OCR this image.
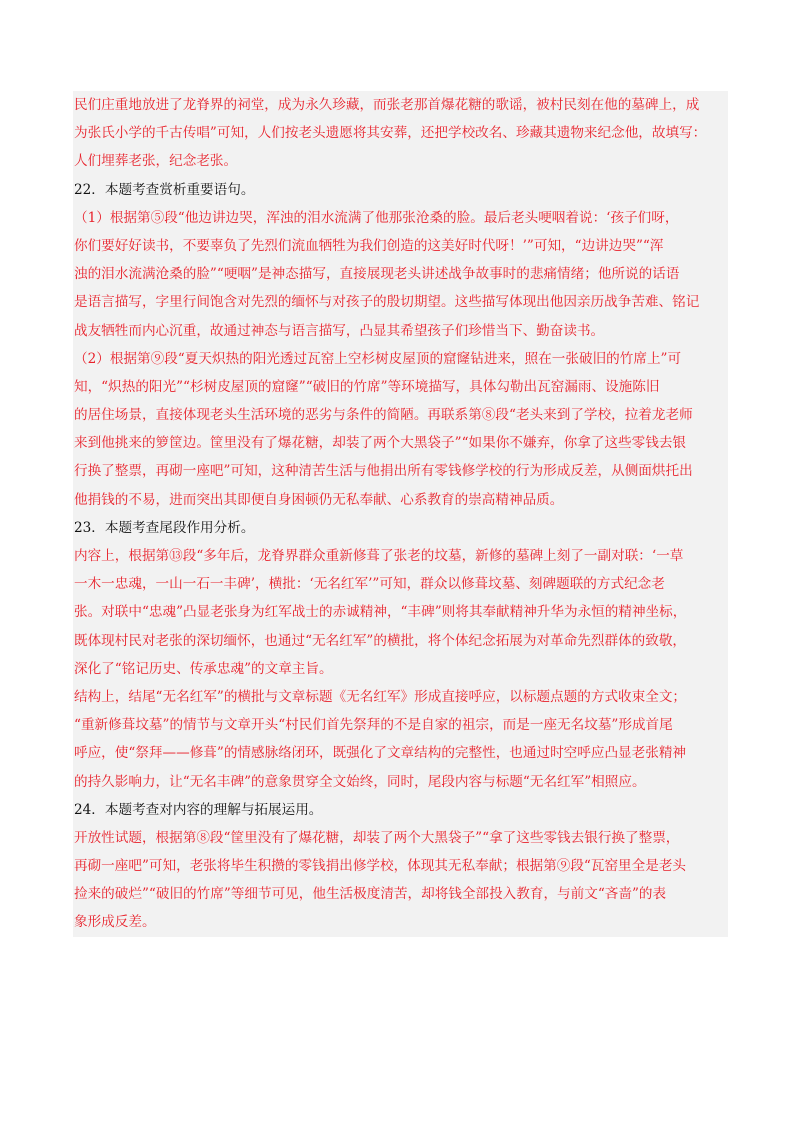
民们庄重地放进了龙脊界的祠堂，成为永久珍藏，而张老那首爆花糖的歌谣，被村民刻在他的墓碑上，成
为张氏小学的千古传唱”可知，人们按老头遗愿将其安葬，还把学校改名、珍藏其遗物来纪念他，故填写：
人们埋葬老张，纪念老张。
22．本题考查赏析重要语句。
（1）根据第⑤段“他边讲边哭，浑浊的泪水流满了他那张沧桑的脸。最后老头哽咽着说：‘孩子们呀，
你们要好好读书，不要辜负了先烈们流血牺牲为我们创造的这美好时代呀！’”可知，“边讲边哭”“浑
浊的泪水流满沧桑的脸”“哽咽”是神态描写，直接展现老头讲述战争故事时的悲痛情绪；他所说的话语
是语言描写，字里行间饱含对先烈的缅怀与对孩子的殷切期望。这些描写体现出他因亲历战争苦难、铭记
战友牺牲而内心沉重，故通过神态与语言描写，凸显其希望孩子们珍惜当下、勤奋读书。
（2）根据第⑨段“夏天炽热的阳光透过瓦窑上空杉树皮屋顶的窟窿钻进来，照在一张破旧的竹席上”可
知，“炽热的阳光”“杉树皮屋顶的窟窿”“破旧的竹席”等环境描写，具体勾勒出瓦窑漏雨、设施陈旧
的居住场景，直接体现老头生活环境的恶劣与条件的简陋。再联系第⑧段“老头来到了学校，拉着龙老师
来到他挑来的箩筐边。筐里没有了爆花糖，却装了两个大黑袋子”“如果你不嫌弃，你拿了这些零钱去银
行换了整票，再砌一座吧”可知，这种清苦生活与他捐出所有零钱修学校的行为形成反差，从侧面烘托出
他捐钱的不易，进而突出其即便自身困顿仍无私奉献、心系教育的崇高精神品质。
23．本题考查尾段作用分析。
内容上，根据第⑬段“多年后，龙脊界群众重新修葺了张老的坟墓，新修的墓碑上刻了一副对联：‘一草
一木一忠魂，一山一石一丰碑’，横批：‘无名红军’”可知，群众以修葺坟墓、刻碑题联的方式纪念老
张。对联中“忠魂”凸显老张身为红军战士的赤诚精神，“丰碑”则将其奉献精神升华为永恒的精神坐标，
既体现村民对老张的深切缅怀，也通过“无名红军”的横批，将个体纪念拓展为对革命先烈群体的致敬，
深化了“铭记历史、传承忠魂”的文章主旨。
结构上，结尾“无名红军”的横批与文章标题《无名红军》形成直接呼应，以标题点题的方式收束全文；
“重新修葺坟墓”的情节与文章开头“村民们首先祭拜的不是自家的祖宗，而是一座无名坟墓”形成首尾
呼应，使“祭拜——修葺”的情感脉络闭环，既强化了文章结构的完整性，也通过时空呼应凸显老张精神
的持久影响力，让“无名丰碑”的意象贯穿全文始终，同时，尾段内容与标题“无名红军”相照应。
24．本题考查对内容的理解与拓展运用。
开放性试题，根据第⑧段“筐里没有了爆花糖，却装了两个大黑袋子”“拿了这些零钱去银行换了整票，
再砌一座吧”可知，老张将毕生积攒的零钱捐出修学校，体现其无私奉献；根据第⑨段“瓦窑里全是老头
捡来的破烂”“破旧的竹席”等细节可见，他生活极度清苦，却将钱全部投入教育，与前文“吝啬”的表
象形成反差。
